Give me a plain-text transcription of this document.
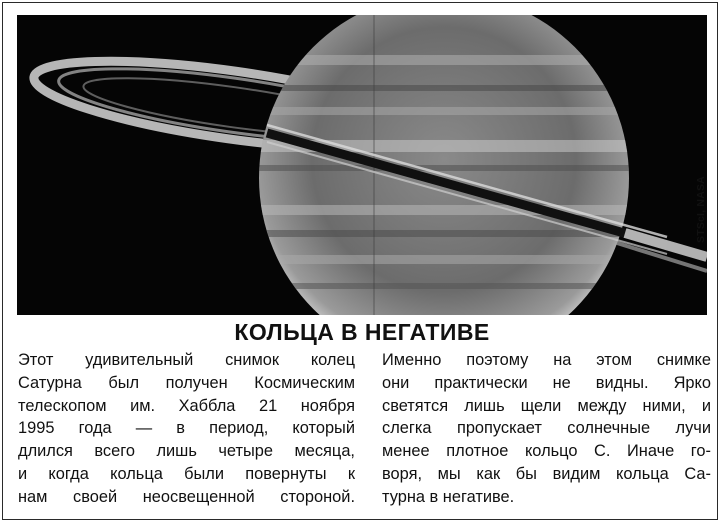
STScI, NASA
КОЛЬЦА В НЕГАТИВЕ
Этот удивительный снимок колец
Сатурна был получен Космическим
телескопом им. Хаббла 21 ноября
1995 года — в период, который
длился всего лишь четыре месяца,
и когда кольца были повернуты к
нам своей неосвещенной стороной.
Именно поэтому на этом снимке
они практически не видны. Ярко
светятся лишь щели между ними, и
слегка пропускает солнечные лучи
менее плотное кольцо С. Иначе го-
воря, мы как бы видим кольца Са-
турна в негативе.
